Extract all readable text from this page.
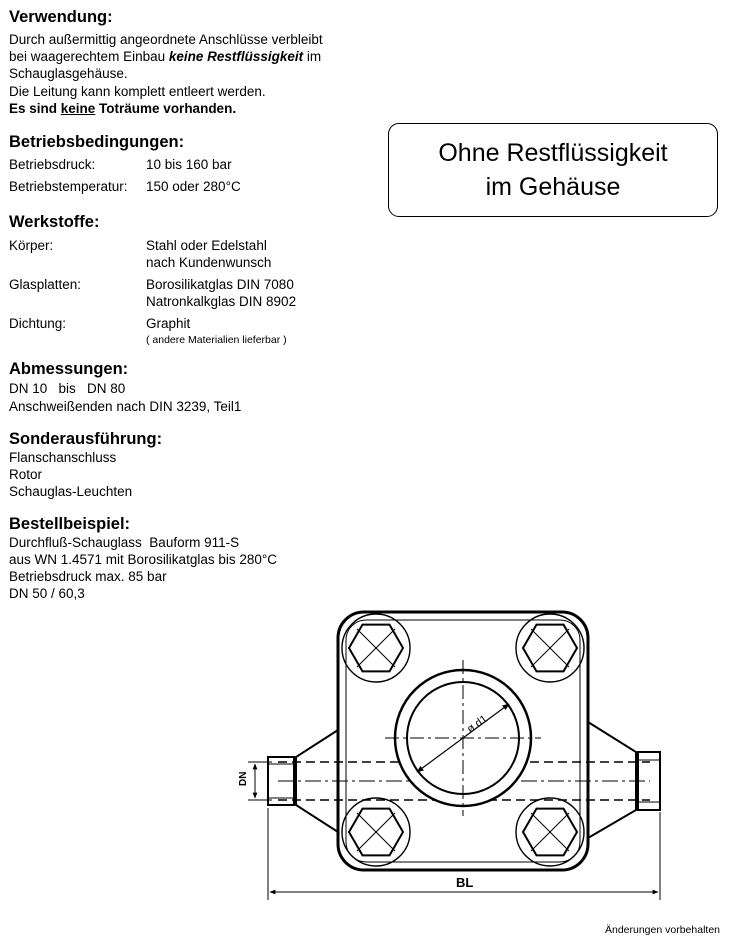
Verwendung:
Durch außermittig angeordnete Anschlüsse verbleibt
bei waagerechtem Einbau keine Restflüssigkeit im
Schauglasgehäuse.
Die Leitung kann komplett entleert werden.
Es sind keine Toträume vorhanden.
Betriebsbedingungen:
Betriebsdruck:	10 bis 160 bar
Betriebstemperatur: 150 oder 280°C
Werkstoffe:
Körper:	Stahl oder Edelstahl
nach Kundenwunsch
Glasplatten:	Borosilikatglas DIN 7080
Natronkalkglas DIN 8902
Dichtung:	Graphit
( andere Materialien lieferbar )
Abmessungen:
DN 10   bis   DN 80
Anschweißenden nach DIN 3239, Teil1
Sonderausführung:
Flanschanschluss
Rotor
Schauglas-Leuchten
Bestellbeispiel:
Durchfluß-Schauglass  Bauform 911-S
aus WN 1.4571 mit Borosilikatglas bis 280°C
Betriebsdruck max. 85 bar
DN 50 / 60,3
Ohne Restflüssigkeit
im Gehäuse
ø d1
DN
BL
Änderungen vorbehalten
